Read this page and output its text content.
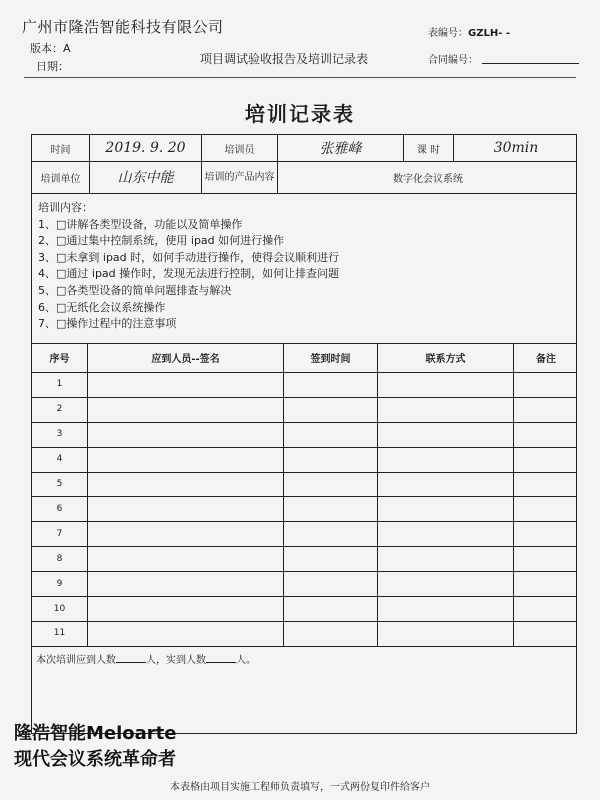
广州市隆浩智能科技有限公司
版本：A
日期：
表编号：GZLH- -
项目调试验收报告及培训记录表	合同编号：
培训记录表
时间	2019. 9. 20	培训员	张雅峰	课 时	30min
培训单位	山东中能	培训的产品内容	数字化会议系统
培训内容：
1、□讲解各类型设备，功能以及简单操作
2、□通过集中控制系统，使用 ipad 如何进行操作
3、□未拿到 ipad 时，如何手动进行操作，使得会议顺利进行
4、□通过 ipad 操作时，发现无法进行控制，如何让排查问题
5、□各类型设备的简单问题排查与解决
6、□无纸化会议系统操作
7、□操作过程中的注意事项
序号	应到人员--签名	签到时间	联系方式	备注
1
2
3
4
5
6
7
8
9
10
11
本次培训应到人数	人，实到人数	人。
隆浩智能Meloarte
现代会议系统革命者
本表格由项目实施工程师负责填写，一式两份复印件给客户
